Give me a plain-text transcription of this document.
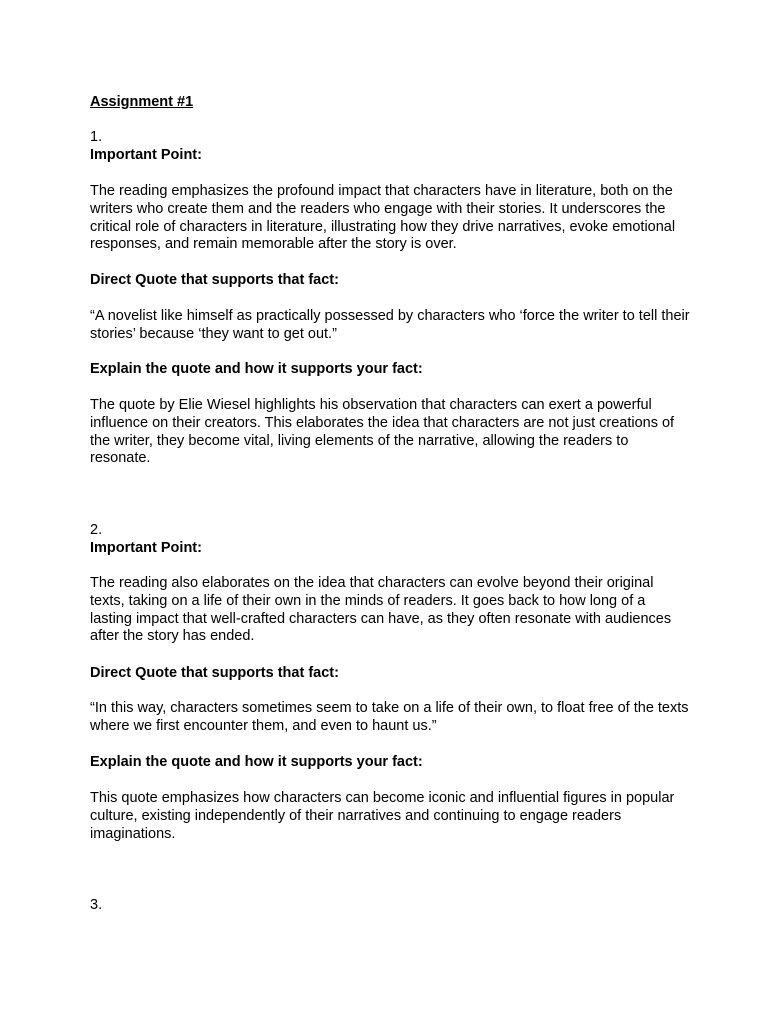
Assignment #1
1.
Important Point:

The reading emphasizes the profound impact that characters have in literature, both on the writers who create them and the readers who engage with their stories. It underscores the critical role of characters in literature, illustrating how they drive narratives, evoke emotional responses, and remain memorable after the story is over.

Direct Quote that supports that fact:

“A novelist like himself as practically possessed by characters who ‘force the writer to tell their stories’ because ‘they want to get out.”

Explain the quote and how it supports your fact:

The quote by Elie Wiesel highlights his observation that characters can exert a powerful influence on their creators. This elaborates the idea that characters are not just creations of the writer, they become vital, living elements of the narrative, allowing the readers to resonate.

2.
Important Point:

The reading also elaborates on the idea that characters can evolve beyond their original texts, taking on a life of their own in the minds of readers. It goes back to how long of a lasting impact that well-crafted characters can have, as they often resonate with audiences after the story has ended.

Direct Quote that supports that fact:

“In this way, characters sometimes seem to take on a life of their own, to float free of the texts where we first encounter them, and even to haunt us.”

Explain the quote and how it supports your fact:

This quote emphasizes how characters can become iconic and influential figures in popular culture, existing independently of their narratives and continuing to engage readers imaginations.

3.
